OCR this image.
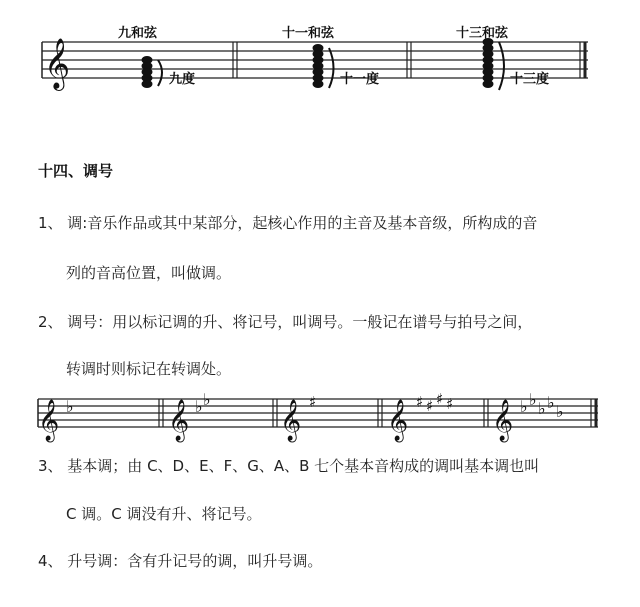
𝄞
𝄞 ♭	𝄞 ♭ ♭
𝄞 ♯ 𝄞 ♯ ♯ ♯ ♯ 𝄞 ♭ ♭ ♭ ♭ ♭
九和弦
九度
十一和弦
十一度
十三和弦
十三度
十四、调号
1、 调:音乐作品或其中某部分，起核心作用的主音及基本音级，所构成的音
列的音高位置，叫做调。
2、 调号：用以标记调的升、将记号，叫调号。一般记在谱号与拍号之间，
转调时则标记在转调处。
3、 基本调；由 C、D、E、F、G、A、B 七个基本音构成的调叫基本调也叫
C 调。C 调没有升、将记号。
4、 升号调：含有升记号的调，叫升号调。
